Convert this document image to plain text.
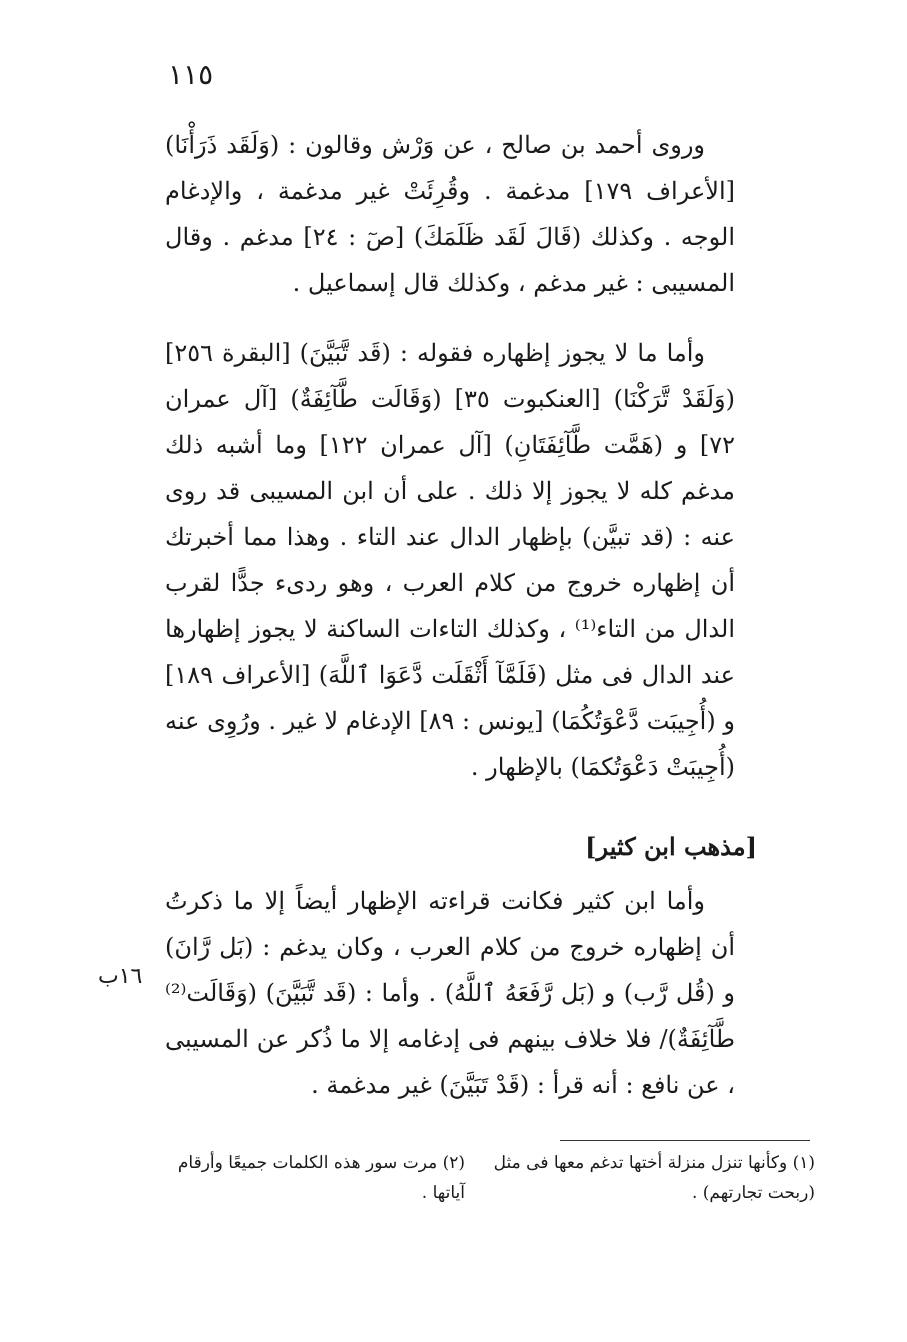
١١٥

وروى أحمد بن صالح ، عن وَرْش وقالون : (وَلَقَد ذَرَأْنَا) [الأعراف ١٧٩] مدغمة . وقُرِئَتْ غير مدغمة ، والإدغام الوجه . وكذلك (قَالَ لَقَد ظَلَمَكَ) [صٓ : ٢٤] مدغم . وقال المسيبى : غير مدغم ، وكذلك قال إسماعيل .

وأما ما لا يجوز إظهاره فقوله : (قَد تَّبَيَّنَ) [البقرة ٢٥٦] (وَلَقَدْ تَّرَكْنَا) [العنكبوت ٣٥] (وَقَالَت طَّآئِفَةٌ) [آل عمران ٧٢] و (هَمَّت طَّآئِفَتَانِ) [آل عمران ١٢٢] وما أشبه ذلك مدغم كله لا يجوز إلا ذلك . على أن ابن المسيبى قد روى عنه : (قد تبيَّن) بإظهار الدال عند التاء . وهذا مما أخبرتك أن إظهاره خروج من كلام العرب ، وهو ردىء جدًّا لقرب الدال من التاء⁽¹⁾ ، وكذلك التاءات الساكنة لا يجوز إظهارها عند الدال فى مثل (فَلَمَّآ أَثْقَلَت دَّعَوَا ٱللَّهَ) [الأعراف ١٨٩] و (أُجِيبَت دَّعْوَتُكُمَا) [يونس : ٨٩] الإدغام لا غير . ورُوِى عنه (أُجِيبَتْ دَعْوَتُكمَا) بالإظهار .

[مذهب ابن كثير]

وأما ابن كثير فكانت قراءته الإظهار أيضاً إلا ما ذكرتُ أن إظهاره خروج من كلام العرب ، وكان يدغم : (بَل رَّانَ) و (قُل رَّب) و (بَل رَّفَعَهُ ٱللَّهُ) . وأما : (قَد تَّبَيَّنَ) (وَقَالَت⁽²⁾ طَّآئِفَةٌ)/ فلا خلاف بينهم فى إدغامه إلا ما ذُكر عن المسيبى ، عن نافع : أنه قرأ : (قَدْ تَبَيَّنَ) غير مدغمة .

١٦ب
(١) وكأنها تنزل منزلة أختها تدغم معها فى مثل (ربحت تجارتهم) .
(٢) مرت سور هذه الكلمات جميعًا وأرقام آياتها .
